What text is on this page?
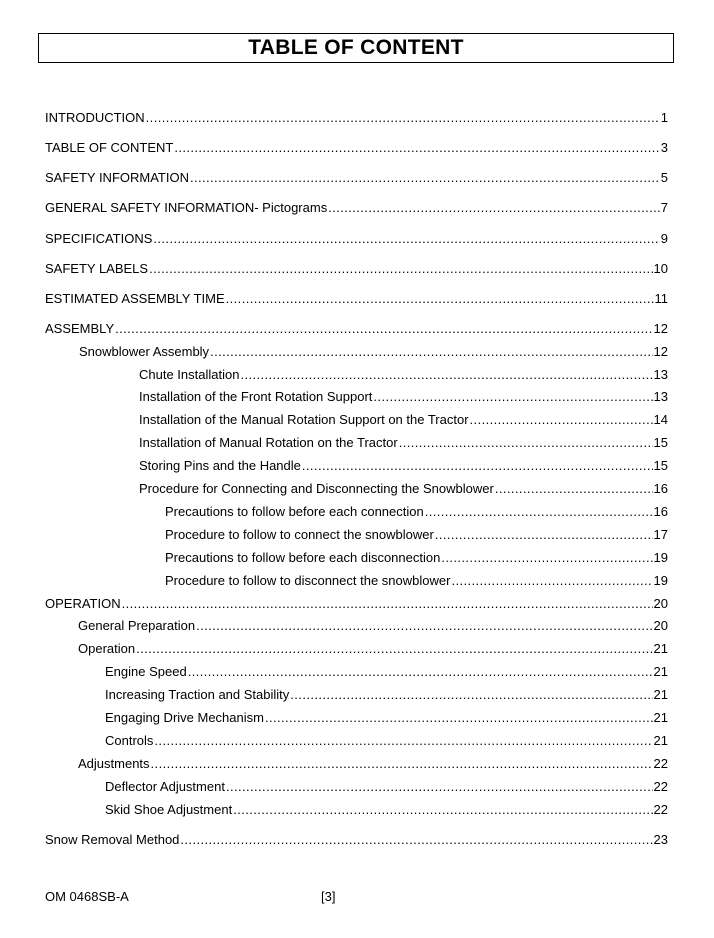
TABLE OF CONTENT
INTRODUCTION .....	1
TABLE OF CONTENT .....	3
SAFETY INFORMATION .....	5
GENERAL SAFETY INFORMATION- Pictograms .....	7
SPECIFICATIONS .....	9
SAFETY LABELS .....	10
ESTIMATED ASSEMBLY TIME .....	11
ASSEMBLY .....	12
Snowblower Assembly .....	12
Chute Installation .....	13
Installation of the Front Rotation Support .....	13
Installation of the Manual Rotation Support on the Tractor .....	14
Installation of Manual Rotation on the Tractor .....	15
Storing Pins and the Handle .....	15
Procedure for Connecting and Disconnecting the Snowblower .....	16
Precautions to follow before each connection .....	16
Procedure to follow to connect the snowblower .....	17
Precautions to follow before each disconnection .....	19
Procedure to follow to disconnect the snowblower .....	19
OPERATION .....	20
General Preparation .....	20
Operation .....	21
Engine Speed .....	21
Increasing Traction and Stability .....	21
Engaging Drive Mechanism .....	21
Controls .....	21
Adjustments .....	22
Deflector Adjustment .....	22
Skid Shoe Adjustment .....	22
Snow Removal Method .....	23
OM 0468SB-A	[3]
